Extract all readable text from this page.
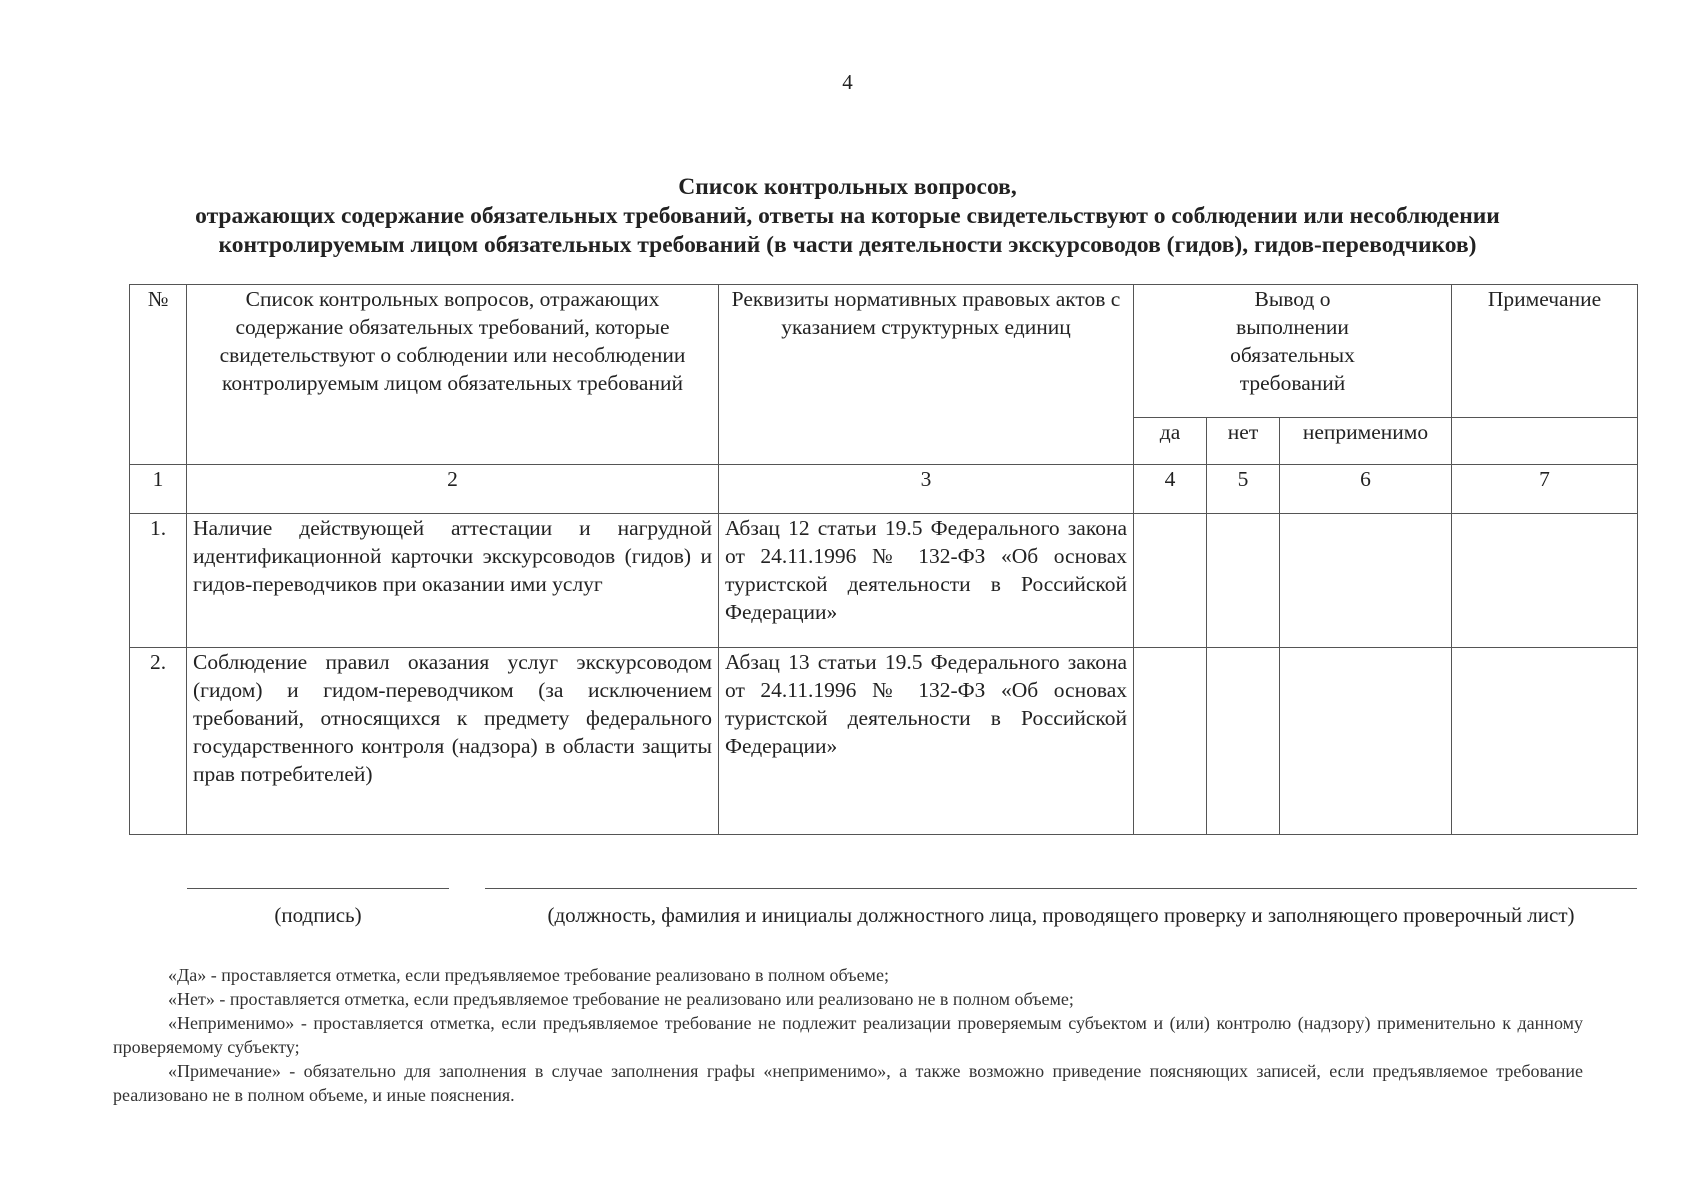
4
Список контрольных вопросов,
отражающих содержание обязательных требований, ответы на которые свидетельствуют о соблюдении или несоблюдении
контролируемым лицом обязательных требований (в части деятельности экскурсоводов (гидов), гидов-переводчиков)
№	Список контрольных вопросов, отражающих содержание обязательных требований, которые свидетельствуют о соблюдении или несоблюдении контролируемым лицом обязательных требований	Реквизиты нормативных правовых актов с указанием структурных единиц	Вывод о выполнении обязательных требований			Примечание
			да	нет	неприменимо	
1	2	3	4	5	6	7
1.	Наличие действующей аттестации и нагрудной идентификационной карточки экскурсоводов (гидов) и гидов-переводчиков при оказании ими услуг	Абзац 12 статьи 19.5 Федерального закона от 24.11.1996 № 132-ФЗ «Об основах туристской деятельности в Российской Федерации»				
2.	Соблюдение правил оказания услуг экскурсоводом (гидом) и гидом-переводчиком (за исключением требований, относящихся к предмету федерального государственного контроля (надзора) в области защиты прав потребителей)	Абзац 13 статьи 19.5 Федерального закона от 24.11.1996 № 132-ФЗ «Об основах туристской деятельности в Российской Федерации»				
(подпись)	(должность, фамилия и инициалы должностного лица, проводящего проверку и заполняющего проверочный лист)

«Да» - проставляется отметка, если предъявляемое требование реализовано в полном объеме;

«Нет» - проставляется отметка, если предъявляемое требование не реализовано или реализовано не в полном объеме;

«Неприменимо» - проставляется отметка, если предъявляемое требование не подлежит реализации проверяемым субъектом и (или) контролю (надзору) применительно к данному проверяемому субъекту;

«Примечание» - обязательно для заполнения в случае заполнения графы «неприменимо», а также возможно приведение поясняющих записей, если предъявляемое требование реализовано не в полном объеме, и иные пояснения.
